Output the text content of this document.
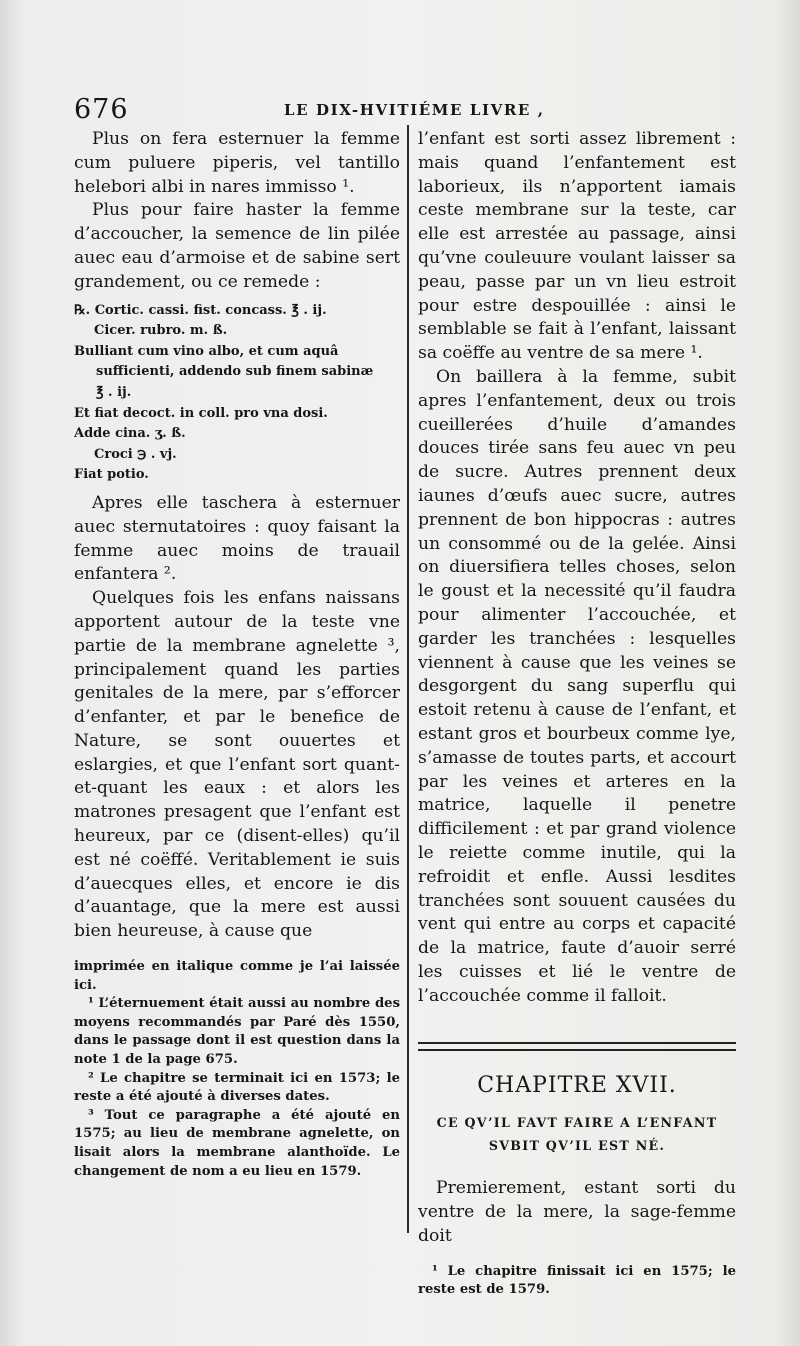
676	LE DIX-HVITIÉME LIVRE ,

Plus on fera esternuer la femme cum puluere piperis, vel tantillo helebori albi in nares immisso ¹.

Plus pour faire haster la femme d’accoucher, la semence de lin pilée auec eau d’armoise et de sabine sert grandement, ou ce remede :

℞. Cortic. cassi. fist. concass. ℥ . ij.

Cicer. rubro. m. ß.

Bulliant cum vino albo, et cum aquâ

sufficienti, addendo sub finem sabinæ

℥ . ij.

Et fiat decoct. in coll. pro vna dosi.

Adde cina. ʒ. ß.

Croci ℈ . vj.

Fiat potio.

Apres elle taschera à esternuer auec sternutatoires : quoy faisant la femme auec moins de trauail enfantera ².

Quelques fois les enfans naissans apportent autour de la teste vne partie de la membrane agnelette ³, principalement quand les parties genitales de la mere, par s’efforcer d’enfanter, et par le benefice de Nature, se sont ouuertes et eslargies, et que l’enfant sort quant-et-quant les eaux : et alors les matrones presagent que l’enfant est heureux, par ce (disent-elles) qu’il est né coëffé. Veritablement ie suis d’auecques elles, et encore ie dis d’auantage, que la mere est aussi bien heureuse, à cause que

imprimée en italique comme je l’ai laissée ici.

¹ L’éternuement était aussi au nombre des moyens recommandés par Paré dès 1550, dans le passage dont il est question dans la note 1 de la page 675.

² Le chapitre se terminait ici en 1573; le reste a été ajouté à diverses dates.

³ Tout ce paragraphe a été ajouté en 1575; au lieu de membrane agnelette, on lisait alors la membrane alanthoïde. Le changement de nom a eu lieu en 1579.

l’enfant est sorti assez librement : mais quand l’enfantement est laborieux, ils n’apportent iamais ceste membrane sur la teste, car elle est arrestée au passage, ainsi qu’vne couleuure voulant laisser sa peau, passe par un vn lieu estroit pour estre despouillée : ainsi le semblable se fait à l’enfant, laissant sa coëffe au ventre de sa mere ¹.

On baillera à la femme, subit apres l’enfantement, deux ou trois cueillerées d’huile d’amandes douces tirée sans feu auec vn peu de sucre. Autres prennent deux iaunes d’œufs auec sucre, autres prennent de bon hippocras : autres un consommé ou de la gelée. Ainsi on diuersifiera telles choses, selon le goust et la necessité qu’il faudra pour alimenter l’accouchée, et garder les tranchées : lesquelles viennent à cause que les veines se desgorgent du sang superflu qui estoit retenu à cause de l’enfant, et estant gros et bourbeux comme lye, s’amasse de toutes parts, et accourt par les veines et arteres en la matrice, laquelle il penetre difficilement : et par grand violence le reiette comme inutile, qui la refroidit et enfle. Aussi lesdites tranchées sont souuent causées du vent qui entre au corps et capacité de la matrice, faute d’auoir serré les cuisses et lié le ventre de l’accouchée comme il falloit.

CHAPITRE XVII.
CE QV’IL FAVT FAIRE A L’ENFANT SVBIT QV’IL EST NÉ.

Premierement, estant sorti du ventre de la mere, la sage-femme doit

¹ Le chapitre finissait ici en 1575; le reste est de 1579.
